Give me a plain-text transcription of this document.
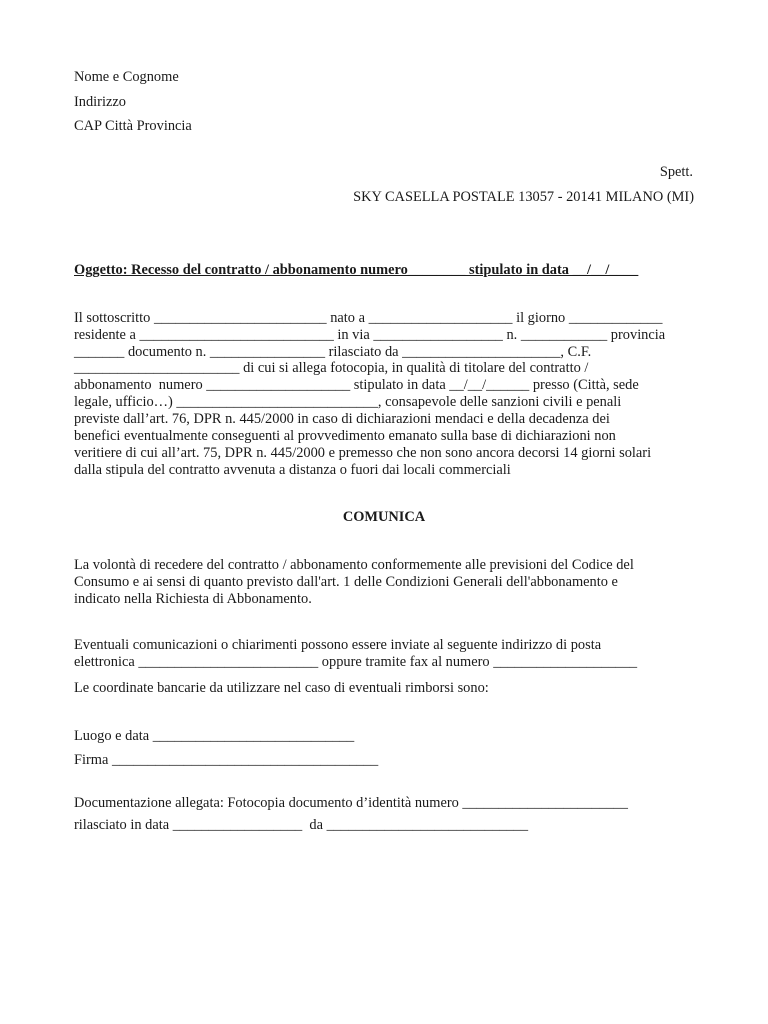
Nome e Cognome
Indirizzo
CAP Città Provincia
Spett.
SKY CASELLA POSTALE 13057 - 20141 MILANO (MI)
Oggetto: Recesso del contratto / abbonamento numero________ stipulato in data __/__/____
Il sottoscritto ________________________ nato a ____________________ il giorno _____________
residente a ___________________________ in via __________________ n. ____________ provincia
_______ documento n. ________________ rilasciato da ______________________, C.F.
_______________________ di cui si allega fotocopia, in qualità di titolare del contratto /
abbonamento  numero ____________________ stipulato in data __/__/______ presso (Città, sede
legale, ufficio…) ____________________________, consapevole delle sanzioni civili e penali
previste dall’art. 76, DPR n. 445/2000 in caso di dichiarazioni mendaci e della decadenza dei
benefici eventualmente conseguenti al provvedimento emanato sulla base di dichiarazioni non
veritiere di cui all’art. 75, DPR n. 445/2000 e premesso che non sono ancora decorsi 14 giorni solari
dalla stipula del contratto avvenuta a distanza o fuori dai locali commerciali
COMUNICA
La volontà di recedere del contratto / abbonamento conformemente alle previsioni del Codice del
Consumo e ai sensi di quanto previsto dall'art. 1 delle Condizioni Generali dell'abbonamento e
indicato nella Richiesta di Abbonamento.
Eventuali comunicazioni o chiarimenti possono essere inviate al seguente indirizzo di posta
elettronica _________________________ oppure tramite fax al numero ____________________
Le coordinate bancarie da utilizzare nel caso di eventuali rimborsi sono:
Luogo e data ____________________________
Firma _____________________________________
Documentazione allegata: Fotocopia documento d’identità numero _______________________
rilasciato in data __________________  da ____________________________
